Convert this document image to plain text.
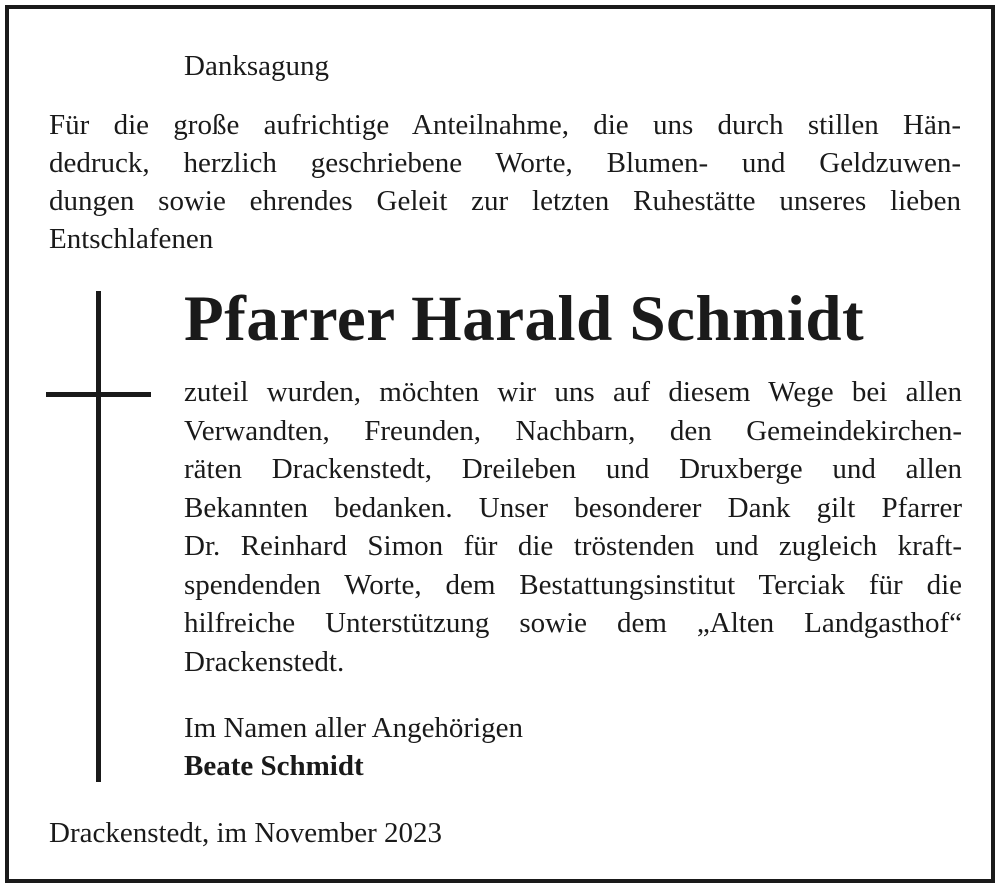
Danksagung

Für die große aufrichtige Anteilnahme, die uns durch stillen Hän-
dedruck, herzlich geschriebene Worte, Blumen- und Geldzuwen-
dungen sowie ehrendes Geleit zur letzten Ruhestätte unseres lieben
Entschlafenen

Pfarrer Harald Schmidt

zuteil wurden, möchten wir uns auf diesem Wege bei allen
Verwandten, Freunden, Nachbarn, den Gemeindekirchen-
räten Drackenstedt, Dreileben und Druxberge und allen
Bekannten bedanken. Unser besonderer Dank gilt Pfarrer
Dr. Reinhard Simon für die tröstenden und zugleich kraft-
spendenden Worte, dem Bestattungsinstitut Terciak für die
hilfreiche Unterstützung sowie dem „Alten Landgasthof“
Drackenstedt.

Im Namen aller Angehörigen
Beate Schmidt
Drackenstedt, im November 2023
